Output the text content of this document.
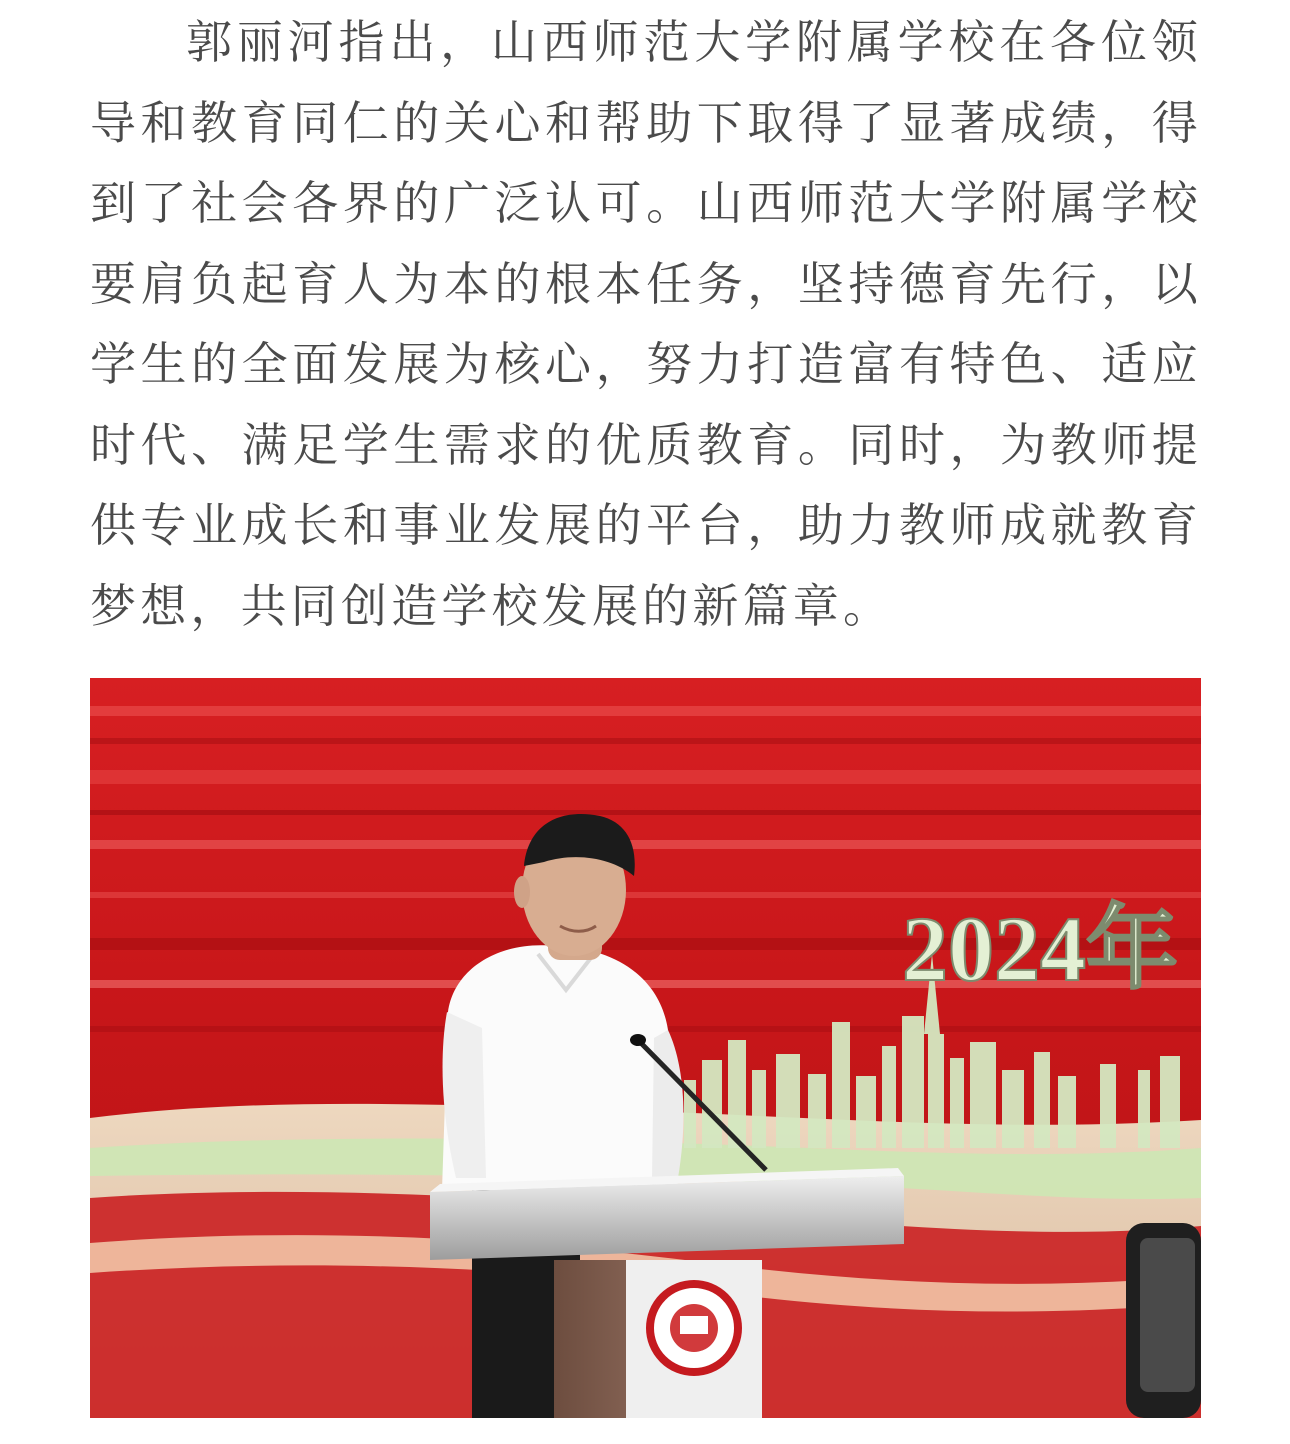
郭丽河指出，山西师范大学附属学校在各位领导和教育同仁的关心和帮助下取得了显著成绩，得到了社会各界的广泛认可。山西师范大学附属学校要肩负起育人为本的根本任务，坚持德育先行，以学生的全面发展为核心，努力打造富有特色、适应时代、满足学生需求的优质教育。同时，为教师提供专业成长和事业发展的平台，助力教师成就教育梦想，共同创造学校发展的新篇章。

2024年
